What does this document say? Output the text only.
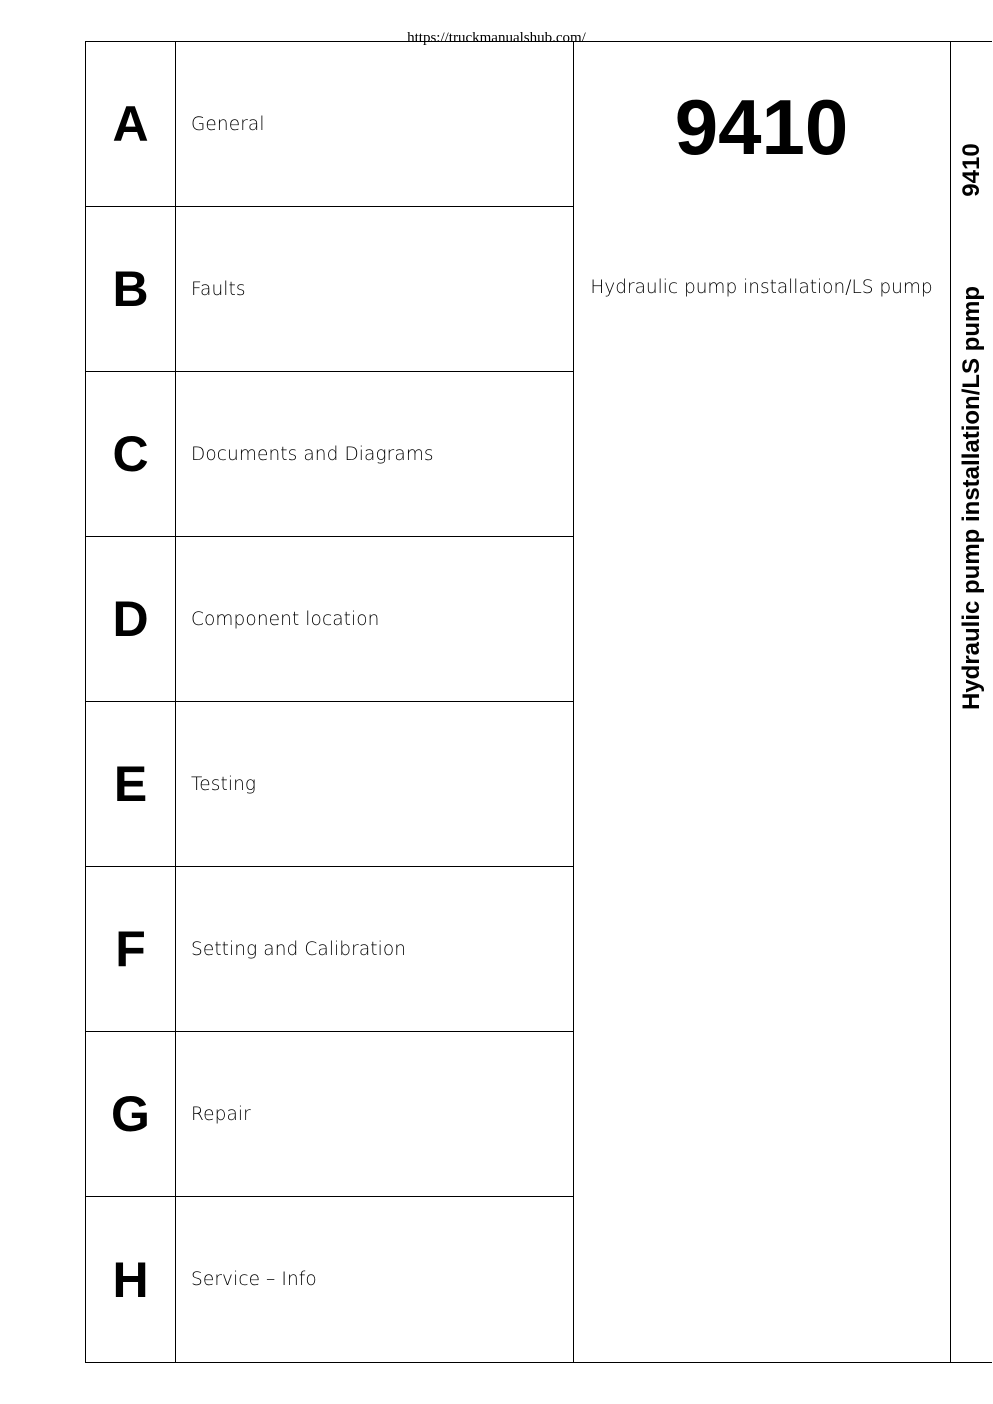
https://truckmanualshub.com/
A	General
B	Faults
C	Documents and Diagrams
D	Component location
E	Testing
F	Setting and Calibration
G	Repair
H	Service – Info
9410
Hydraulic pump installation/LS pump
9410
Hydraulic pump installation/LS pump
